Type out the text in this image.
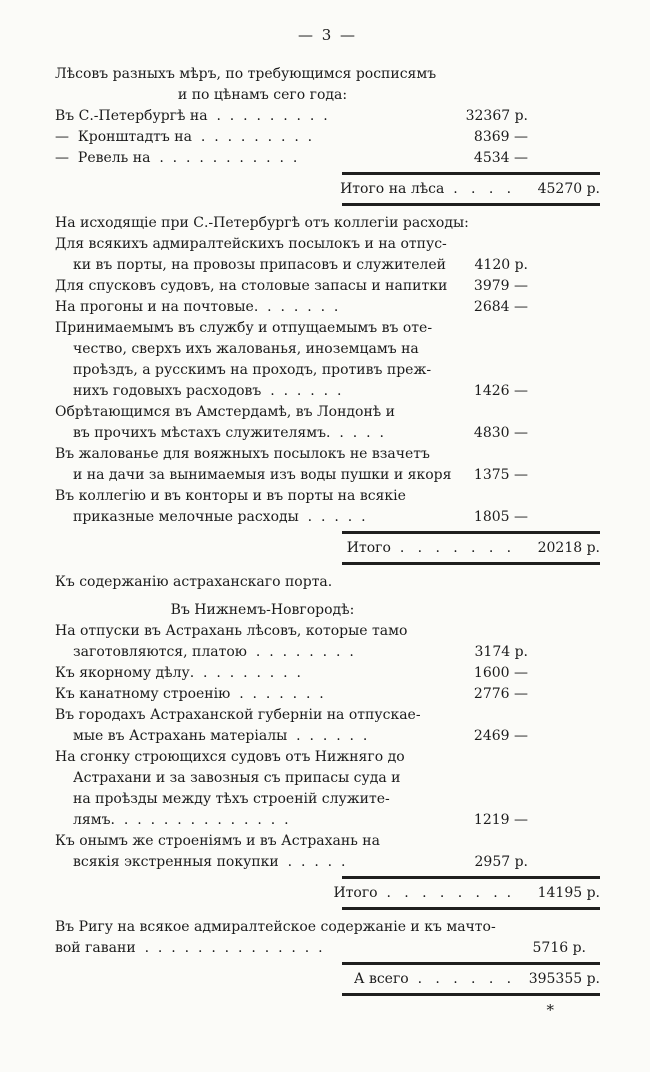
— 3 —
Лѣсовъ разныхъ мѣръ, по требующимся росписямъ
и по цѣнамъ сего года:
Въ С.-Петербургѣ на  .  .  .  .  .  .  .  .  .	32367 р.
—  Кронштадтъ на  .  .  .  .  .  .  .  .  .	8369 —
—  Ревель на  .  .  .  .  .  .  .  .  .  .  .	4534 —
Итого на лѣса  .   .   .   .	45270 р.
На исходящіе при С.-Петербургѣ отъ коллегіи расходы:
Для всякихъ адмиралтейскихъ посылокъ и на отпус-
ки въ порты, на провозы припасовъ и служителей	4120 р.
Для спусковъ судовъ, на столовые запасы и напитки	3979 —
На прогоны и на почтовые.  .  .  .  .  .  .	2684 —
Принимаемымъ въ службу и отпущаемымъ въ оте-
чество, сверхъ ихъ жалованья, иноземцамъ на
проѣздъ, а русскимъ на проходъ, противъ преж-
нихъ годовыхъ расходовъ  .  .  .  .  .  .	1426 —
Обрѣтающимся въ Амстердамѣ, въ Лондонѣ и
въ прочихъ мѣстахъ служителямъ.  .  .  .  .	4830 —
Въ жалованье для вояжныхъ посылокъ не взачетъ
и на дачи за вынимаемыя изъ воды пушки и якоря	1375 —
Въ коллегію и въ конторы и въ порты на всякіе
приказные мелочные расходы  .  .  .  .  .	1805 —
Итого  .   .   .   .   .   .   .	20218 р.
Къ содержанію астраханскаго порта.
Въ Нижнемъ-Новгородѣ:
На отпуски въ Астрахань лѣсовъ, которые тамо
заготовляются, платою  .  .  .  .  .  .  .  .	3174 р.
Къ якорному дѣлу.  .  .  .  .  .  .  .  .	1600 —
Къ канатному строенію  .  .  .  .  .  .  .	2776 —
Въ городахъ Астраханской губерніи на отпускае-
мые въ Астрахань матеріалы  .  .  .  .  .  .	2469 —
На сгонку строющихся судовъ отъ Нижняго до
Астрахани и за завозныя съ припасы суда и
на проѣзды между тѣхъ строеній служите-
лямъ.  .  .  .  .  .  .  .  .  .  .  .  .  .	1219 —
Къ онымъ же строеніямъ и въ Астрахань на
всякія экстренныя покупки  .  .  .  .  .	2957 р.
Итого  .   .   .   .   .   .   .  .	14195 р.
Въ Ригу на всякое адмиралтейское содержаніе и къ мачто-
вой гавани  .  .  .  .  .  .  .  .  .  .  .  .  .  .	5716 р.
А всего  .   .   .   .   .   . 395355 р.
*
